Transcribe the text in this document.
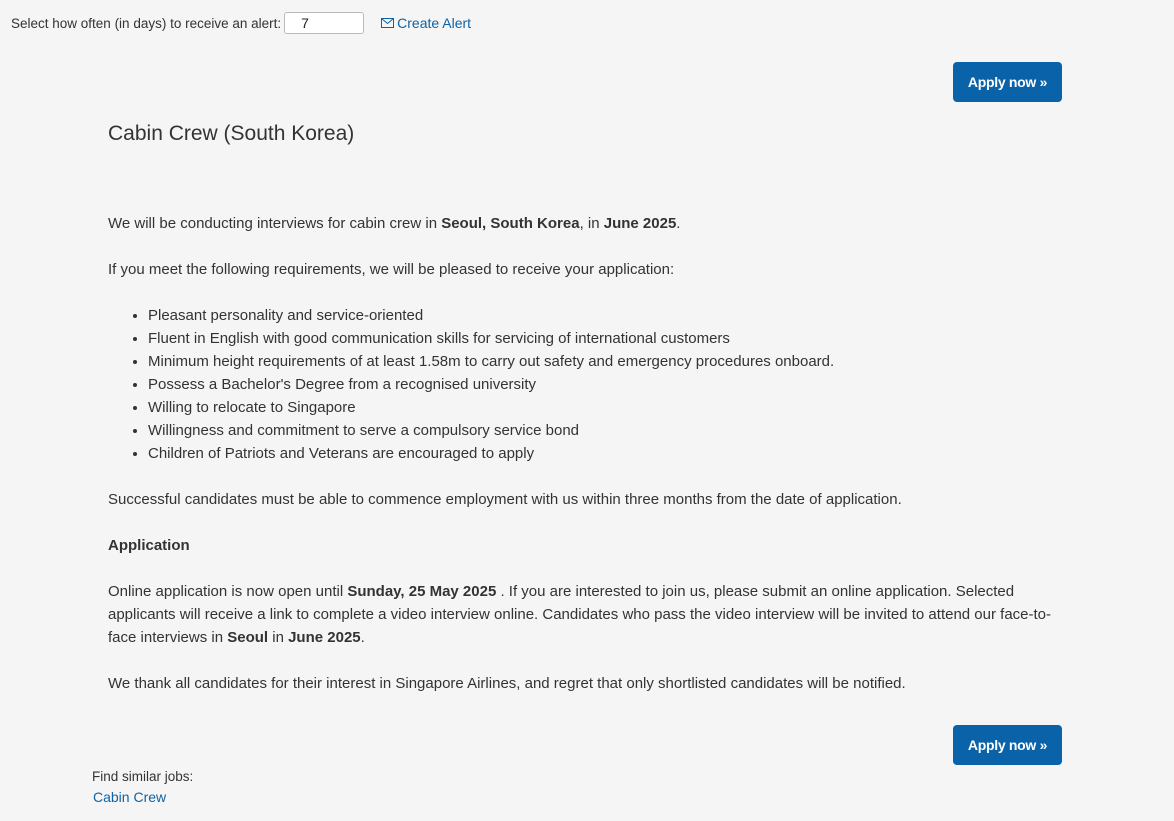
Select how often (in days) to receive an alert:
7	Create Alert
Apply now »
Cabin Crew (South Korea)

We will be conducting interviews for cabin crew in Seoul, South Korea, in June 2025.

If you meet the following requirements, we will be pleased to receive your application:

• Pleasant personality and service-oriented
• Fluent in English with good communication skills for servicing of international customers
• Minimum height requirements of at least 1.58m to carry out safety and emergency procedures onboard.
• Possess a Bachelor's Degree from a recognised university
• Willing to relocate to Singapore
• Willingness and commitment to serve a compulsory service bond
• Children of Patriots and Veterans are encouraged to apply

Successful candidates must be able to commence employment with us within three months from the date of application.

Application

Online application is now open until Sunday, 25 May 2025 . If you are interested to join us, please submit an online application. Selected applicants will receive a link to complete a video interview online. Candidates who pass the video interview will be invited to attend our face-to-face interviews in Seoul in June 2025.

We thank all candidates for their interest in Singapore Airlines, and regret that only shortlisted candidates will be notified.

Apply now »
Find similar jobs:
Cabin Crew
